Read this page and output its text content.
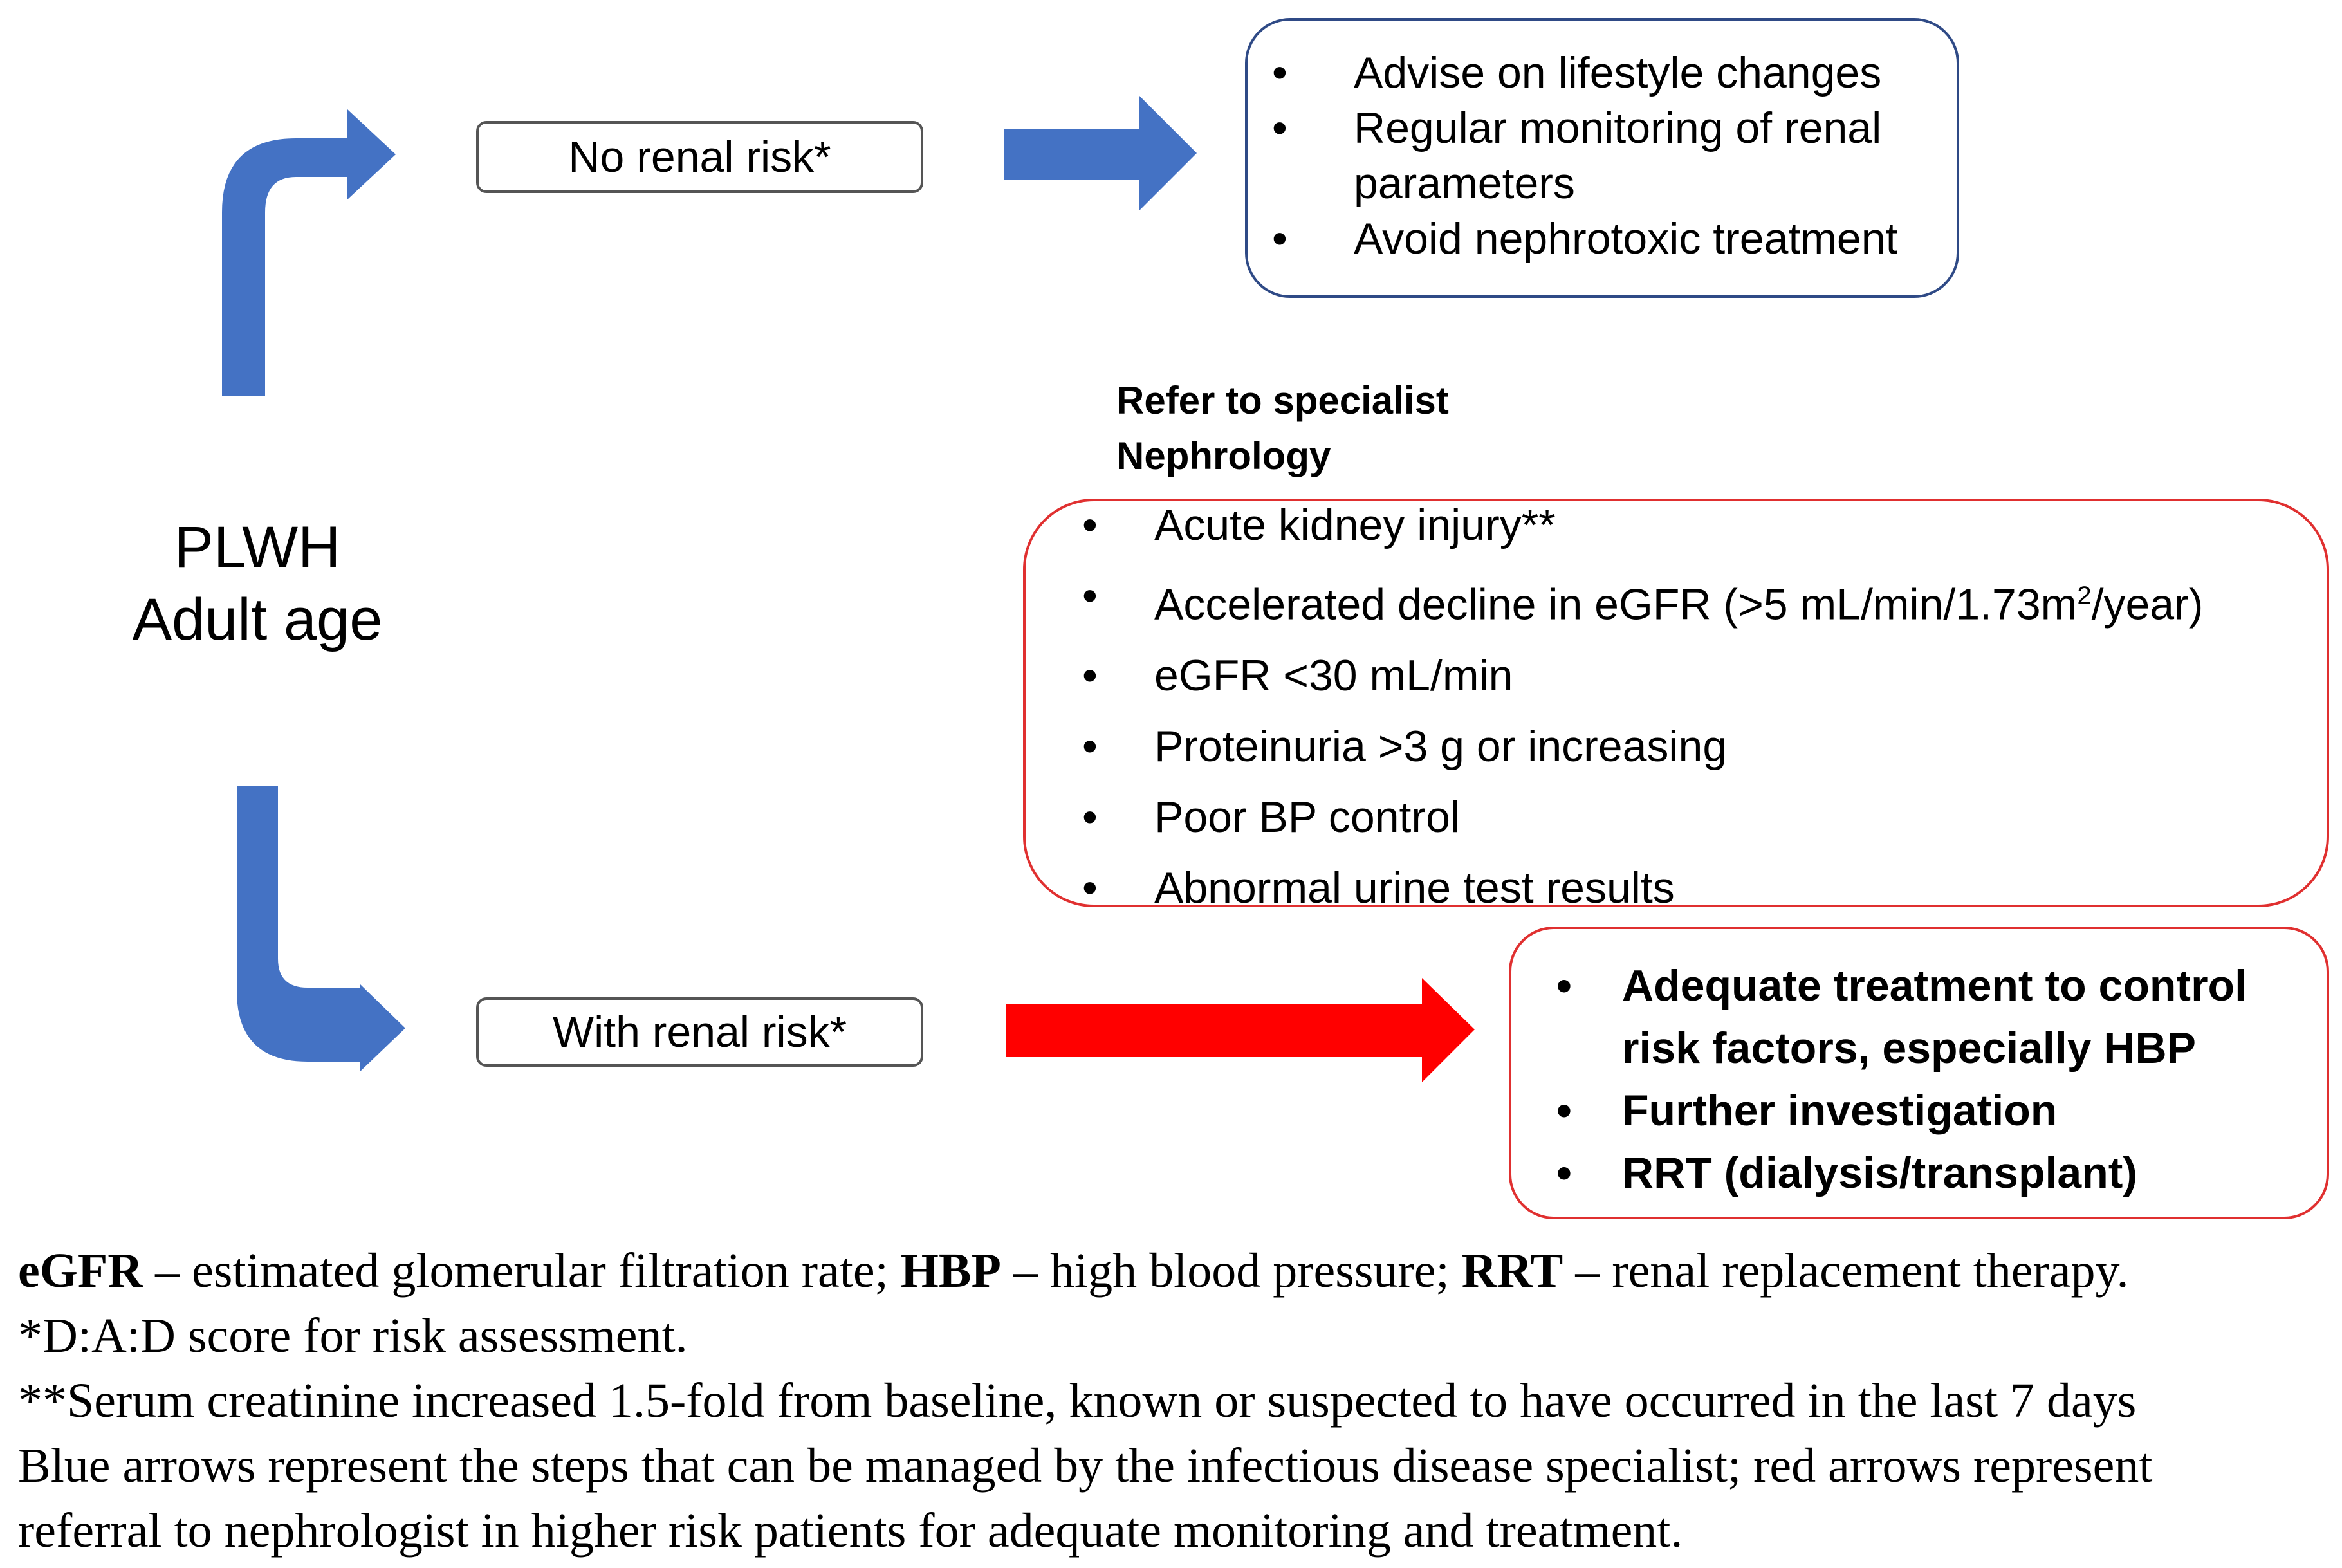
PLWH
Adult age
No renal risk*
• Advise on lifestyle changes
• Regular monitoring of renal parameters
• Avoid nephrotoxic treatment
Refer to specialist
Nephrology
• Acute kidney injury**
• Accelerated decline in eGFR (>5 $mL/\min/1.73m^2/year$)
• eGFR <30 mL/min
• Proteinuria >3 g or increasing
• Poor BP control
• Abnormal urine test results
With renal risk*
• Adequate treatment to control risk factors, especially HBP
• Further investigation
• RRT (dialysis/transplant)

eGFR – estimated glomerular filtration rate; HBP – high blood pressure; RRT – renal replacement therapy.

*D:A:D score for risk assessment.

**Serum creatinine increased 1.5-fold from baseline, known or suspected to have occurred in the last 7 days

Blue arrows represent the steps that can be managed by the infectious disease specialist; red arrows represent

referral to nephrologist in higher risk patients for adequate monitoring and treatment.
